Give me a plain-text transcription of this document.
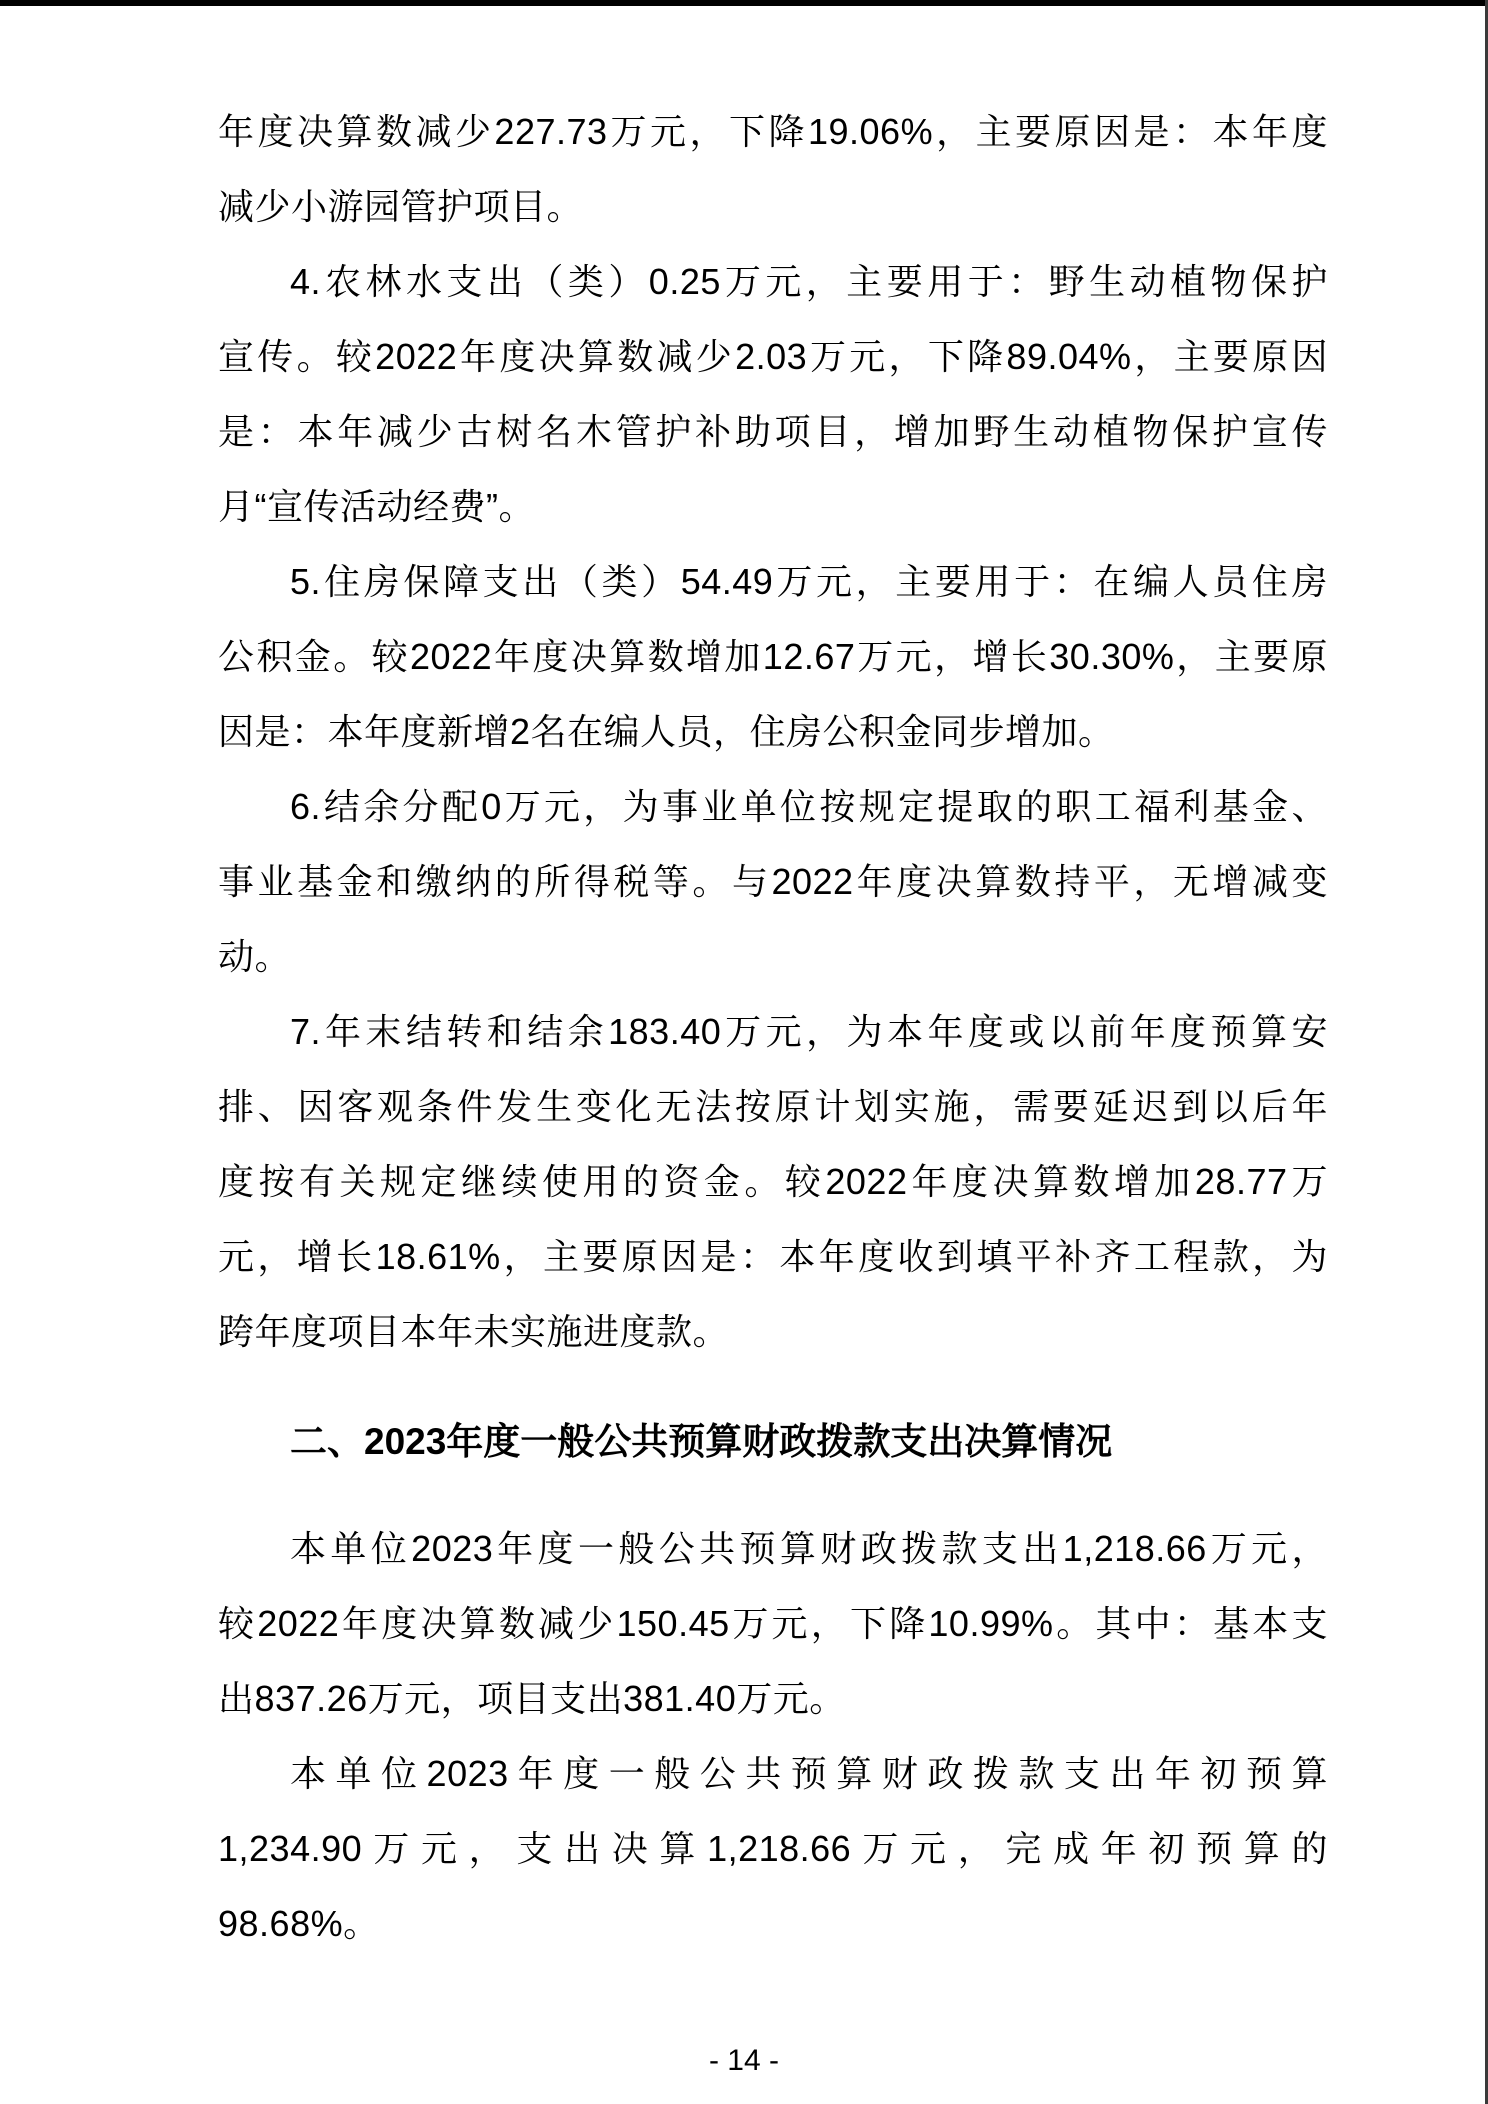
年度决算数减少227.73万元，下降19.06%，主要原因是：本年度
减少小游园管护项目。
4.农林水支出（类）0.25万元，主要用于：野生动植物保护
宣传。较2022年度决算数减少2.03万元，下降89.04%，主要原因
是：本年减少古树名木管护补助项目，增加野生动植物保护宣传
月“宣传活动经费”。
5.住房保障支出（类）54.49万元，主要用于：在编人员住房
公积金。较2022年度决算数增加12.67万元，增长30.30%，主要原
因是：本年度新增2名在编人员，住房公积金同步增加。
6.结余分配0万元，为事业单位按规定提取的职工福利基金、
事业基金和缴纳的所得税等。与2022年度决算数持平，无增减变
动。
7.年末结转和结余183.40万元，为本年度或以前年度预算安
排、因客观条件发生变化无法按原计划实施，需要延迟到以后年
度按有关规定继续使用的资金。较2022年度决算数增加28.77万
元，增长18.61%，主要原因是：本年度收到填平补齐工程款，为
跨年度项目本年未实施进度款。
二、2023年度一般公共预算财政拨款支出决算情况
本单位2023年度一般公共预算财政拨款支出1,218.66万元，
较2022年度决算数减少150.45万元，下降10.99%。其中：基本支
出837.26万元，项目支出381.40万元。
本单位2023年度一般公共预算财政拨款支出年初预算
1,234.90万元，支出决算1,218.66万元，完成年初预算的
98.68%。
- 14 -
